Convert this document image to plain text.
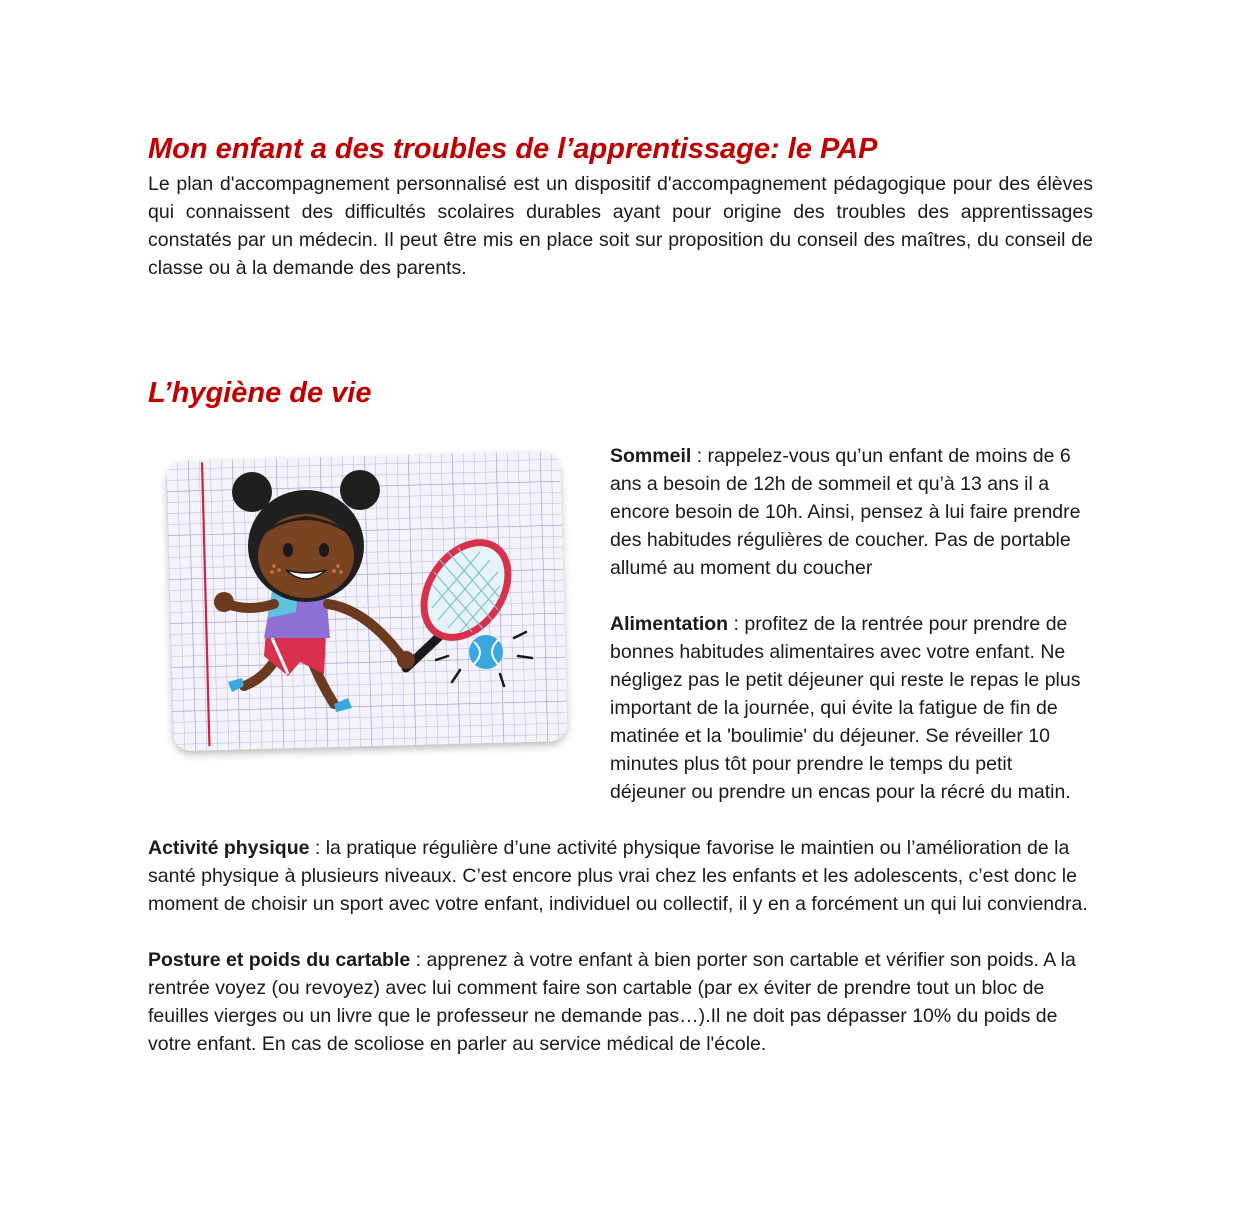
Mon enfant a des troubles de l’apprentissage: le PAP

Le plan d'accompagnement personnalisé est un dispositif d'accompagnement pédagogique pour des élèves qui connaissent des difficultés scolaires durables ayant pour origine des troubles des apprentissages constatés par un médecin. Il peut être mis en place soit sur proposition du conseil des maîtres, du conseil de classe ou à la demande des parents.

L’hygiène de vie

Sommeil : rappelez-vous qu’un enfant de moins de 6 ans a besoin de 12h de sommeil et qu’à 13 ans il a encore besoin de 10h. Ainsi, pensez à lui faire prendre des habitudes régulières de coucher. Pas de portable allumé au moment du coucher

Alimentation : profitez de la rentrée pour prendre de bonnes habitudes alimentaires avec votre enfant. Ne négligez pas le petit déjeuner qui reste le repas le plus important de la journée, qui évite la fatigue de fin de matinée et la 'boulimie' du déjeuner. Se réveiller 10 minutes plus tôt pour prendre le temps du petit déjeuner ou prendre un encas pour la récré du matin.

Activité physique : la pratique régulière d’une activité physique favorise le maintien ou l’amélioration de la santé physique à plusieurs niveaux. C’est encore plus vrai chez les enfants et les adolescents, c’est donc le moment de choisir un sport avec votre enfant, individuel ou collectif, il y en a forcément un qui lui conviendra.

Posture et poids du cartable : apprenez à votre enfant à bien porter son cartable et vérifier son poids. A la rentrée voyez (ou revoyez) avec lui comment faire son cartable (par ex éviter de prendre tout un bloc de feuilles vierges ou un livre que le professeur ne demande pas…).Il ne doit pas dépasser 10% du poids de votre enfant. En cas de scoliose en parler au service médical de l'école.
